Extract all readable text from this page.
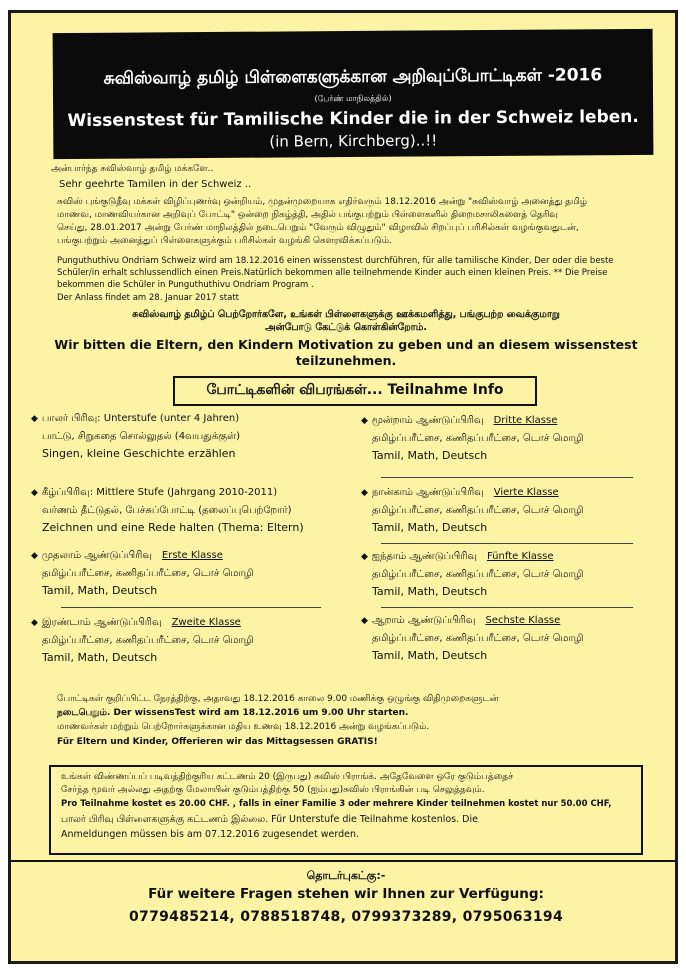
சுவிஸ்வாழ் தமிழ் பிள்ளைகளுக்கான அறிவுப்போட்டிகள் -2016
(பேர்ண் மாநிலத்தில்)
Wissenstest für Tamilische Kinder die in der Schweiz leben.
(in Bern, Kirchberg)..!!
அன்பார்ந்த சுவிஸ்வாழ் தமிழ் மக்களே..
Sehr geehrte Tamilen in der Schweiz ..
சுவிஸ் புங்குடுதீவு மக்கள் விழிப்புணர்வு ஒன்றியம், முதன்முறையாக எதிர்வரும் 18.12.2016 அன்று "சுவிஸ்வாழ் அனைத்து தமிழ்
மாணவ, மாணவியர்கான அறிவுப் போட்டி" ஒன்றை நிகழ்த்தி, அதில் பங்குபற்றும் பிள்ளைகளில் திறைமசாலிகளைத் தெரிவு
செய்து, 28.01.2017 அன்று பேர்ண் மாநிலத்தில் நடைபெறும் "வேரும் விழுதும்" விழாவில் சிறப்புப் பரிசில்கள் வழங்குவதுடன்,
பங்குபற்றும் அனைத்துப் பிள்ளைகளுக்கும் பரிசில்கள் வழங்கி கௌரவிக்கப்படும்.
Punguthuthivu Ondriam Schweiz wird am 18.12.2016 einen wissenstest durchführen, für alle tamilische Kinder, Der oder die beste
Schüler/in erhalt schlussendlich einen Preis.Natürlich bekommen alle teilnehmende Kinder auch einen kleinen Preis. ** Die Preise
bekommen die Schüler in Punguthuthivu Ondriam Program .
Der Anlass findet am 28. Januar 2017 statt
சுவிஸ்வாழ் தமிழ்ப் பெற்றோர்களே, உங்கள் பிள்ளைகளுக்கு ஊக்கமளித்து, பங்குபற்ற வைக்குமாறு
அன்போடு கேட்டுக் கொள்கின்றோம்.
Wir bitten die Eltern, den Kindern Motivation zu geben und an diesem wissenstest
teilzunehmen.
போட்டிகளின் விபரங்கள்... Teilnahme Info
◆ பாலர் பிரிவு: Unterstufe (unter 4 Jahren)
பாட்டு, சிறுகதை சொல்லுதல் (4வயதுக்குள்)
Singen, kleine Geschichte erzählen
◆ கீழ்ப்பிரிவு: Mittlere Stufe (Jahrgang 2010-2011)
வர்ணம் தீட்டுதல், பேச்சுப்போட்டி (தலைப்புபெற்றோர்)
Zeichnen und eine Rede halten (Thema: Eltern)
◆ முதலாம் ஆண்டுப்பிரிவு Erste Klasse
தமிழ்ப்பரீட்சை, கணிதப்பரீட்சை, டொச் மொழி
Tamil, Math, Deutsch
◆ இரண்டாம் ஆண்டுப்பிரிவு Zweite Klasse
தமிழ்ப்பரீட்சை, கணிதப்பரீட்சை, டொச் மொழி
Tamil, Math, Deutsch
◆ மூன்றாம் ஆண்டுப்பிரிவு Dritte Klasse
தமிழ்ப்பரீட்சை, கணிதப்பரீட்சை, டொச் மொழி
Tamil, Math, Deutsch
◆ நான்காம் ஆண்டுப்பிரிவு Vierte Klasse
தமிழ்ப்பரீட்சை, கணிதப்பரீட்சை, டொச் மொழி
Tamil, Math, Deutsch
◆ ஐந்தாம் ஆண்டுப்பிரிவு Fünfte Klasse
தமிழ்ப்பரீட்சை, கணிதப்பரீட்சை, டொச் மொழி
Tamil, Math, Deutsch
◆ ஆறாம் ஆண்டுப்பிரிவு Sechste Klasse
தமிழ்ப்பரீட்சை, கணிதப்பரீட்சை, டொச் மொழி
Tamil, Math, Deutsch
போட்டிகள் குறிப்பிட்ட நேரத்திற்கு, அதாவது 18.12.2016 காலை 9.00 மணிக்கு ஒழுங்கு விதிமுறைகளுடன்
நடைபெறும். Der wissensTest wird am 18.12.2016 um 9.00 Uhr starten.
மாணவர்கள் மற்றும் பெற்றோர்களுக்கான மதிய உணவு 18.12.2016 அன்று வழங்கப்படும்.
Für Eltern und Kinder, Offerieren wir das Mittagsessen GRATIS!
உங்கள் விண்ணப்பப் படிவத்திற்குரிய கட்டணம் 20 (இருபது) சுவிஸ் பிராங்க். அதேவேளை ஒரே குடும்பத்தைச்
சேர்ந்த மூவர் அல்லது அதற்கு மேலாயின் குடும்பத்திற்கு 50 (ஐம்பது)சுவிஸ் பிராங்கின் படி செலுத்தவும்.
Pro Teilnahme kostet es 20.00 CHF. , falls in einer Familie 3 oder mehrere Kinder teilnehmen kostet nur 50.00 CHF,
பாலர் பிரிவு பிள்ளைகளுக்கு கட்டணம் இல்லை. Für Unterstufe die Teilnahme kostenlos. Die
Anmeldungen müssen bis am 07.12.2016 zugesendet werden.
தொடர்புகட்கு:-
Für weitere Fragen stehen wir Ihnen zur Verfügung:
0779485214, 0788518748, 0799373289, 0795063194
